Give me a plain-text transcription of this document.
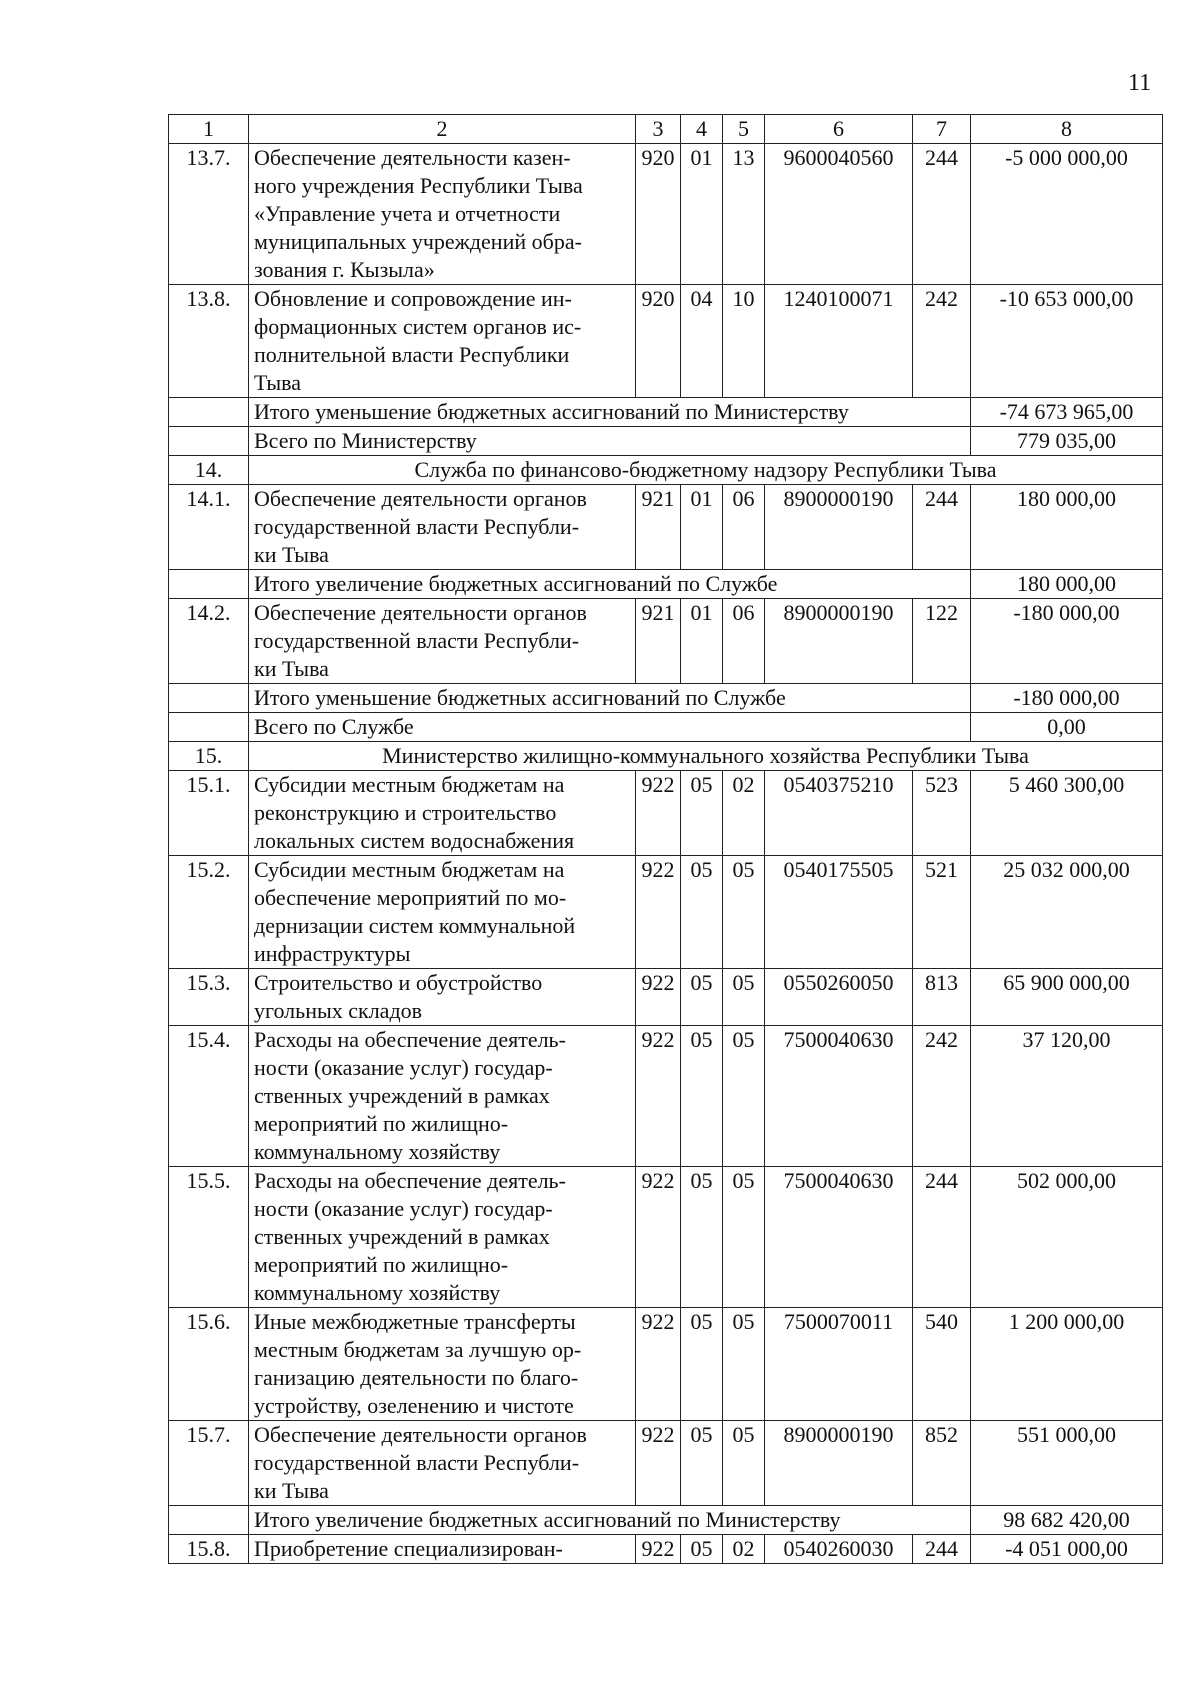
11
1	2	3	4	5	6	7	8
13.7.	Обеспечение деятельности казен-
ного учреждения Республики Тыва
«Управление учета и отчетности
муниципальных учреждений обра-
зования г. Кызыла»	920	01	13	9600040560	244	-5 000 000,00
13.8.	Обновление и сопровождение ин-
формационных систем органов ис-
полнительной власти Республики
Тыва	920	04	10	1240100071	242	-10 653 000,00
	Итого уменьшение бюджетных ассигнований по Министерству						-74 673 965,00
	Всего по Министерству						779 035,00
14.	Служба по финансово-бюджетному надзору Республики Тыва						
14.1.	Обеспечение деятельности органов
государственной власти Республи-
ки Тыва	921	01	06	8900000190	244	180 000,00
	Итого увеличение бюджетных ассигнований по Службе						180 000,00
14.2.	Обеспечение деятельности органов
государственной власти Республи-
ки Тыва	921	01	06	8900000190	122	-180 000,00
	Итого уменьшение бюджетных ассигнований по Службе						-180 000,00
	Всего по Службе						0,00
15.	Министерство жилищно-коммунального хозяйства Республики Тыва						
15.1.	Субсидии местным бюджетам на
реконструкцию и строительство
локальных систем водоснабжения	922	05	02	0540375210	523	5 460 300,00
15.2.	Субсидии местным бюджетам на
обеспечение мероприятий по мо-
дернизации систем коммунальной
инфраструктуры	922	05	05	0540175505	521	25 032 000,00
15.3.	Строительство и обустройство
угольных складов	922	05	05	0550260050	813	65 900 000,00
15.4.	Расходы на обеспечение деятель-
ности (оказание услуг) государ-
ственных учреждений в рамках
мероприятий по жилищно-
коммунальному хозяйству	922	05	05	7500040630	242	37 120,00
15.5.	Расходы на обеспечение деятель-
ности (оказание услуг) государ-
ственных учреждений в рамках
мероприятий по жилищно-
коммунальному хозяйству	922	05	05	7500040630	244	502 000,00
15.6.	Иные межбюджетные трансферты
местным бюджетам за лучшую ор-
ганизацию деятельности по благо-
устройству, озеленению и чистоте	922	05	05	7500070011	540	1 200 000,00
15.7.	Обеспечение деятельности органов
государственной власти Республи-
ки Тыва	922	05	05	8900000190	852	551 000,00
	Итого увеличение бюджетных ассигнований по Министерству						98 682 420,00
15.8.	Приобретение специализирован-	922	05	02	0540260030	244	-4 051 000,00
